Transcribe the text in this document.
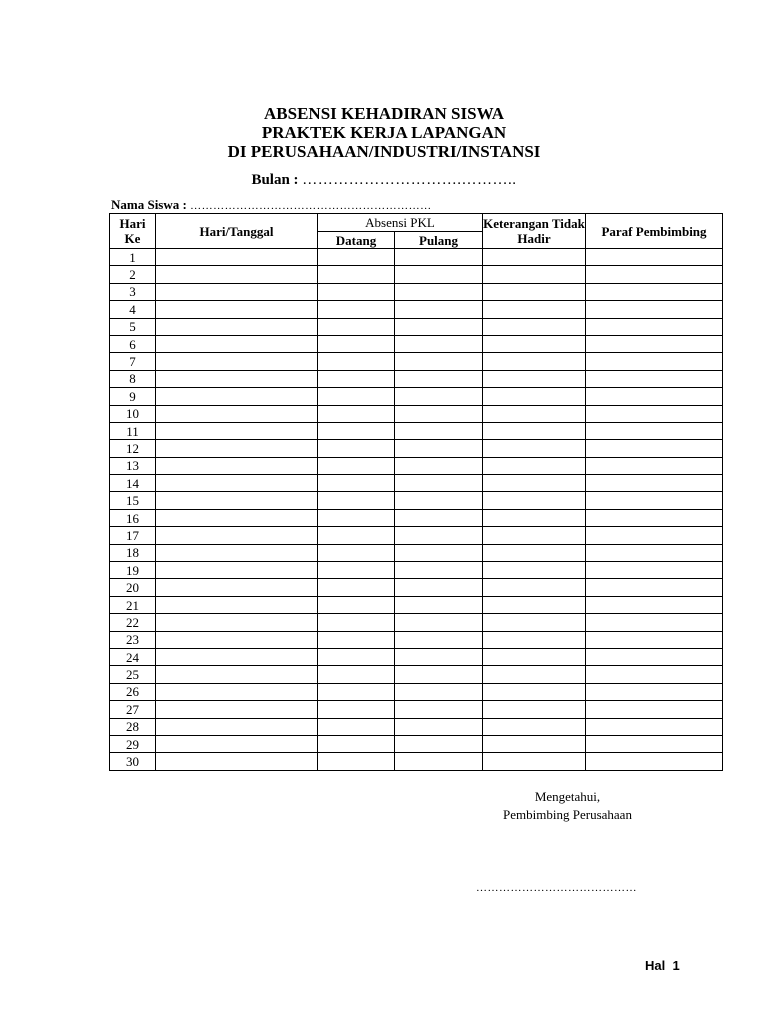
ABSENSI KEHADIRAN SISWA
PRAKTEK KERJA LAPANGAN
DI PERUSAHAAN/INDUSTRI/INSTANSI
Bulan : ………………………….………..
Nama Siswa : ………………………………………………………
Hari Ke	Hari/Tanggal	Absensi PKL		Keterangan Tidak Hadir	Paraf Pembimbing
		Datang	Pulang		
1					
2					
3					
4					
5					
6					
7					
8					
9					
10					
11					
12					
13					
14					
15					
16					
17					
18					
19					
20					
21					
22					
23					
24					
25					
26					
27					
28					
29					
30					
Mengetahui,
Pembimbing Perusahaan
……………………………………
Hal  1
